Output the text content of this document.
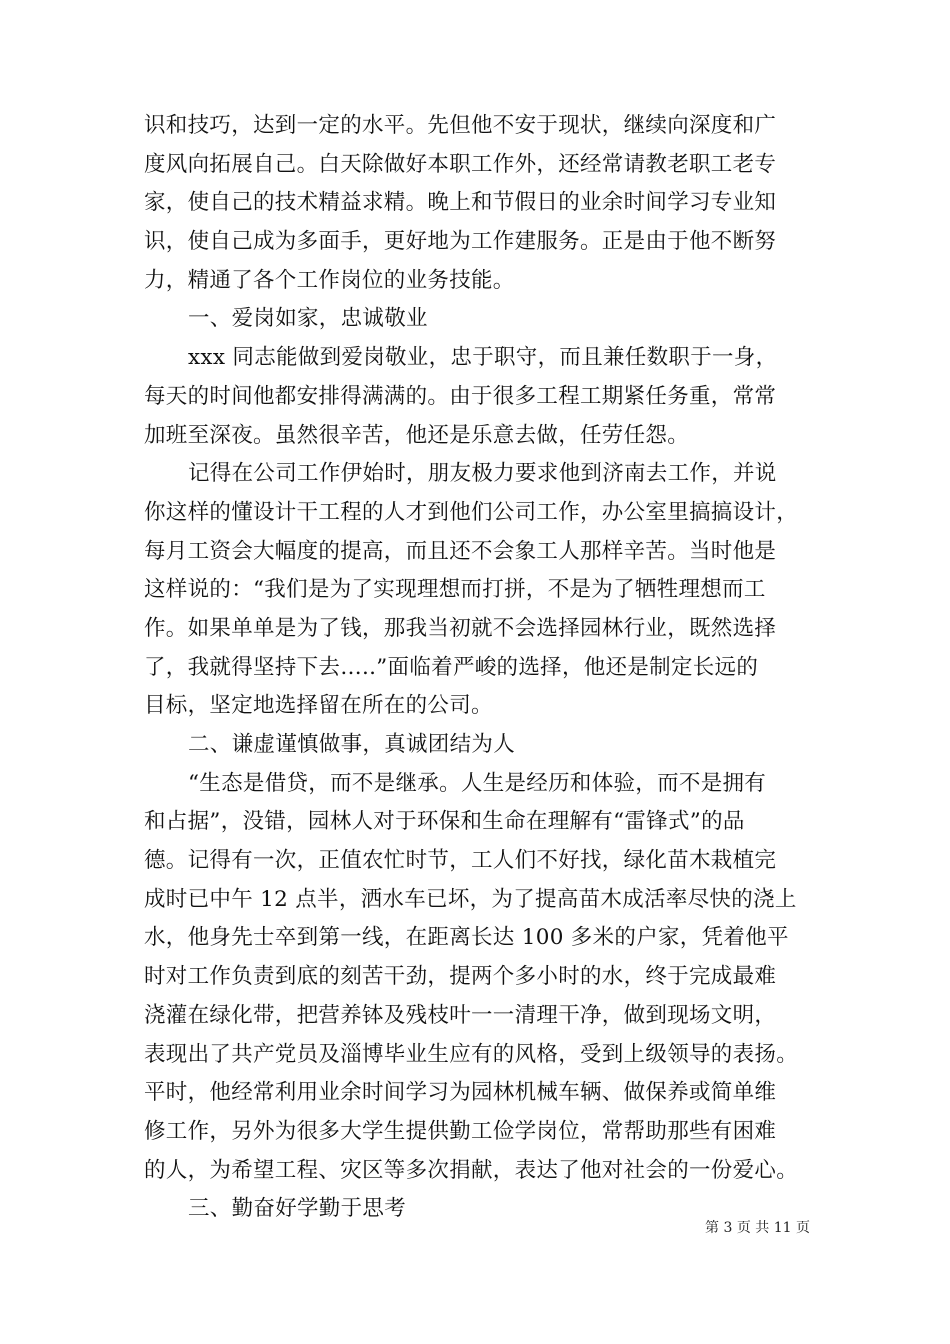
识和技巧，达到一定的水平。先但他不安于现状，继续向深度和广
度风向拓展自己。白天除做好本职工作外，还经常请教老职工老专
家，使自己的技术精益求精。晚上和节假日的业余时间学习专业知
识，使自己成为多面手，更好地为工作建服务。正是由于他不断努
力，精通了各个工作岗位的业务技能。
一、爱岗如家，忠诚敬业
xxx 同志能做到爱岗敬业，忠于职守，而且兼任数职于一身，
每天的时间他都安排得满满的。由于很多工程工期紧任务重，常常
加班至深夜。虽然很辛苦，他还是乐意去做，任劳任怨。
记得在公司工作伊始时，朋友极力要求他到济南去工作，并说
你这样的懂设计干工程的人才到他们公司工作，办公室里搞搞设计，
每月工资会大幅度的提高，而且还不会象工人那样辛苦。当时他是
这样说的：“我们是为了实现理想而打拼，不是为了牺牲理想而工
作。如果单单是为了钱，那我当初就不会选择园林行业，既然选择
了，我就得坚持下去…..”面临着严峻的选择，他还是制定长远的
目标，坚定地选择留在所在的公司。
二、谦虚谨慎做事，真诚团结为人
“生态是借贷，而不是继承。人生是经历和体验，而不是拥有
和占据”，没错，园林人对于环保和生命在理解有“雷锋式”的品
德。记得有一次，正值农忙时节，工人们不好找，绿化苗木栽植完
成时已中午 12 点半，洒水车已坏，为了提高苗木成活率尽快的浇上
水，他身先士卒到第一线，在距离长达 100 多米的户家，凭着他平
时对工作负责到底的刻苦干劲，提两个多小时的水，终于完成最难
浇灌在绿化带，把营养钵及残枝叶一一清理干净，做到现场文明，
表现出了共产党员及淄博毕业生应有的风格，受到上级领导的表扬。
平时，他经常利用业余时间学习为园林机械车辆、做保养或简单维
修工作，另外为很多大学生提供勤工俭学岗位，常帮助那些有困难
的人，为希望工程、灾区等多次捐献，表达了他对社会的一份爱心。
三、勤奋好学勤于思考
第 3 页 共 11 页
